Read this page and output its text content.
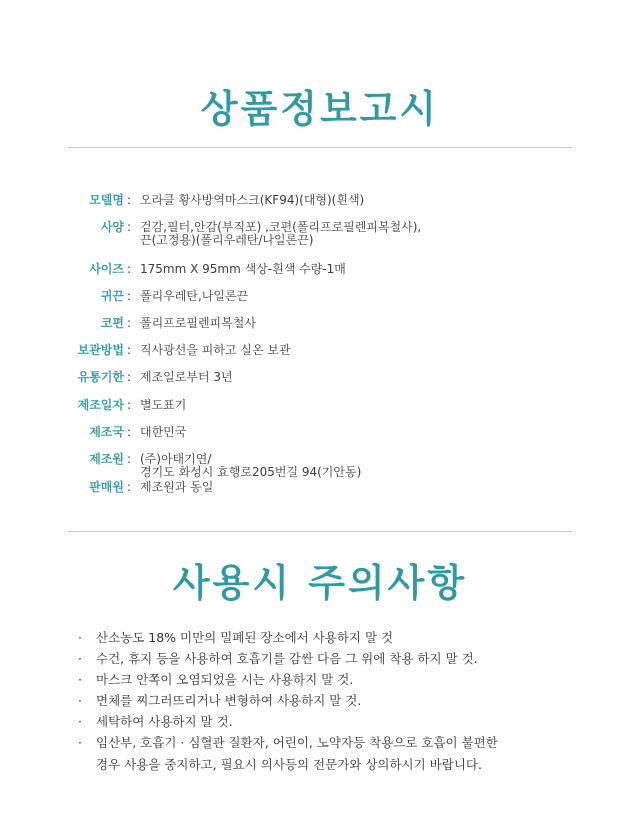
상품정보고시
모델명 : 오라클 황사방역마스크(KF94)(대형)(흰색)
사양 : 겉감,필터,안감(부직포) ,코편(폴리프로필렌피복철사),
끈(고정용)(폴리우레탄/나일론끈)
사이즈 : 175mm X 95mm 색상-흰색 수량-1매
귀끈 : 폴리우레탄,나일론끈
코편 : 폴리프로필렌피복철사
보관방법 : 직사광선을 피하고 실온 보관
유통기한 : 제조일로부터 3년
제조일자 : 별도표기
제조국 : 대한민국
제조원 : (주)아태기연/
경기도 화성시 효행로205번길 94(기안동)
판매원 : 제조원과 동일
사용시 주의사항
· 산소농도 18% 미만의 밀폐된 장소에서 사용하지 말 것
· 수건, 휴지 등을 사용하여 호흡기를 감싼 다음 그 위에 착용 하지 말 것.
· 마스크 안쪽이 오염되었을 시는 사용하지 말 것.
· 면체를 찌그러뜨리거나 변형하여 사용하지 말 것.
· 세탁하여 사용하지 말 것.
· 임산부, 호흡기 · 심혈관 질환자, 어린이, 노약자등 착용으로 호흡이 불편한
경우 사용을 중지하고, 필요시 의사등의 전문가와 상의하시기 바랍니다.
